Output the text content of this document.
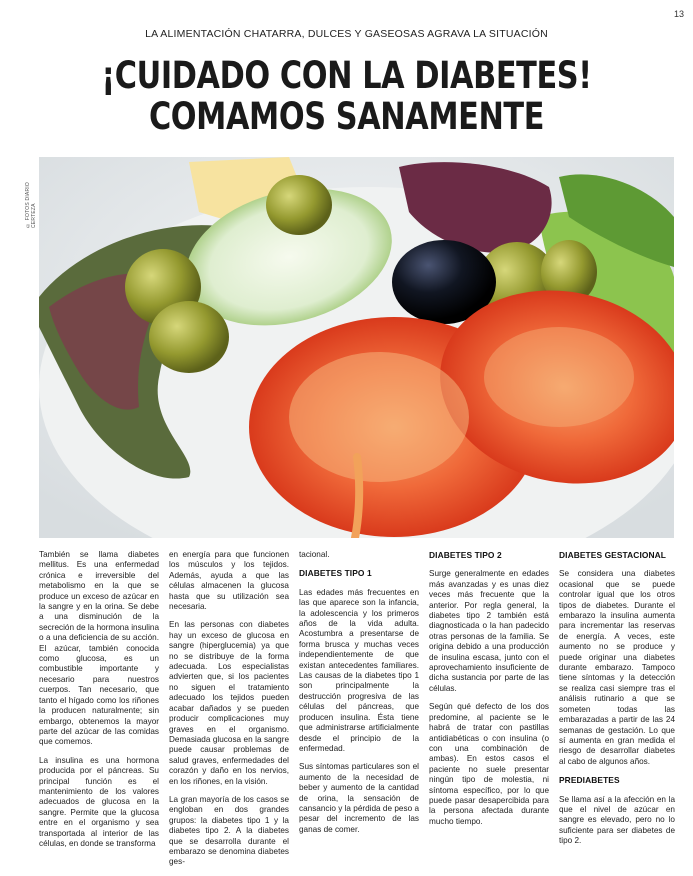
13
LA ALIMENTACIÓN CHATARRA, DULCES Y GASEOSAS AGRAVA LA SITUACIÓN
¡CUIDADO CON LA DIABETES!
COMAMOS SANAMENTE
© FOTOS DIARIO CERTEZA

También se llama diabetes mellitus. Es una enfermedad crónica e irreversible del metabolismo en la que se produce un exceso de azúcar en la sangre y en la orina. Se debe a una disminución de la secreción de la hormona insulina o a una deficiencia de su acción. El azúcar, también conocida como glucosa, es un combustible importante y necesario para nuestros cuerpos. Tan necesario, que tanto el hígado como los riñones la producen naturalmente; sin embargo, obtenemos la mayor parte del azúcar de las comidas que comemos.

La insulina es una hormona producida por el páncreas. Su principal función es el mantenimiento de los valores adecuados de glucosa en la sangre. Permite que la glucosa entre en el organismo y sea transportada al interior de las células, en donde se transforma

en energía para que funcionen los músculos y los tejidos. Además, ayuda a que las células almacenen la glucosa hasta que su utilización sea necesaria.

En las personas con diabetes hay un exceso de glucosa en sangre (hiperglucemia) ya que no se distribuye de la forma adecuada. Los especialistas advierten que, si los pacientes no siguen el tratamiento adecuado los tejidos pueden acabar dañados y se pueden producir complicaciones muy graves en el organismo. Demasiada glucosa en la sangre puede causar problemas de salud graves, enfermedades del corazón y daño en los nervios, en los riñones, en la visión.

La gran mayoría de los casos se engloban en dos grandes grupos: la diabetes tipo 1 y la diabetes tipo 2. A la diabetes que se desarrolla durante el embarazo se denomina diabetes ges-

tacional.

DIABETES TIPO 1

Las edades más frecuentes en las que aparece son la infancia, la adolescencia y los primeros años de la vida adulta. Acostumbra a presentarse de forma brusca y muchas veces independientemente de que existan antecedentes familiares. Las causas de la diabetes tipo 1 son principalmente la destrucción progresiva de las células del páncreas, que producen insulina. Ésta tiene que administrarse artificialmente desde el principio de la enfermedad.

Sus síntomas particulares son el aumento de la necesidad de beber y aumento de la cantidad de orina, la sensación de cansancio y la pérdida de peso a pesar del incremento de las ganas de comer.

DIABETES TIPO 2

Surge generalmente en edades más avanzadas y es unas diez veces más frecuente que la anterior. Por regla general, la diabetes tipo 2 también está diagnosticada o la han padecido otras personas de la familia. Se origina debido a una producción de insulina escasa, junto con el aprovechamiento insuficiente de dicha sustancia por parte de las células.

Según qué defecto de los dos predomine, al paciente se le habrá de tratar con pastillas antidiabéticas o con insulina (o con una combinación de ambas). En estos casos el paciente no suele presentar ningún tipo de molestia, ni síntoma específico, por lo que puede pasar desapercibida para la persona afectada durante mucho tiempo.

DIABETES GESTACIONAL

Se considera una diabetes ocasional que se puede controlar igual que los otros tipos de diabetes. Durante el embarazo la insulina aumenta para incrementar las reservas de energía. A veces, este aumento no se produce y puede originar una diabetes durante embarazo. Tampoco tiene síntomas y la detección se realiza casi siempre tras el análisis rutinario a que se someten todas las embarazadas a partir de las 24 semanas de gestación. Lo que sí aumenta en gran medida el riesgo de desarrollar diabetes al cabo de algunos años.

PREDIABETES

Se llama así a la afección en la que el nivel de azúcar en sangre es elevado, pero no lo suficiente para ser diabetes de tipo 2.
